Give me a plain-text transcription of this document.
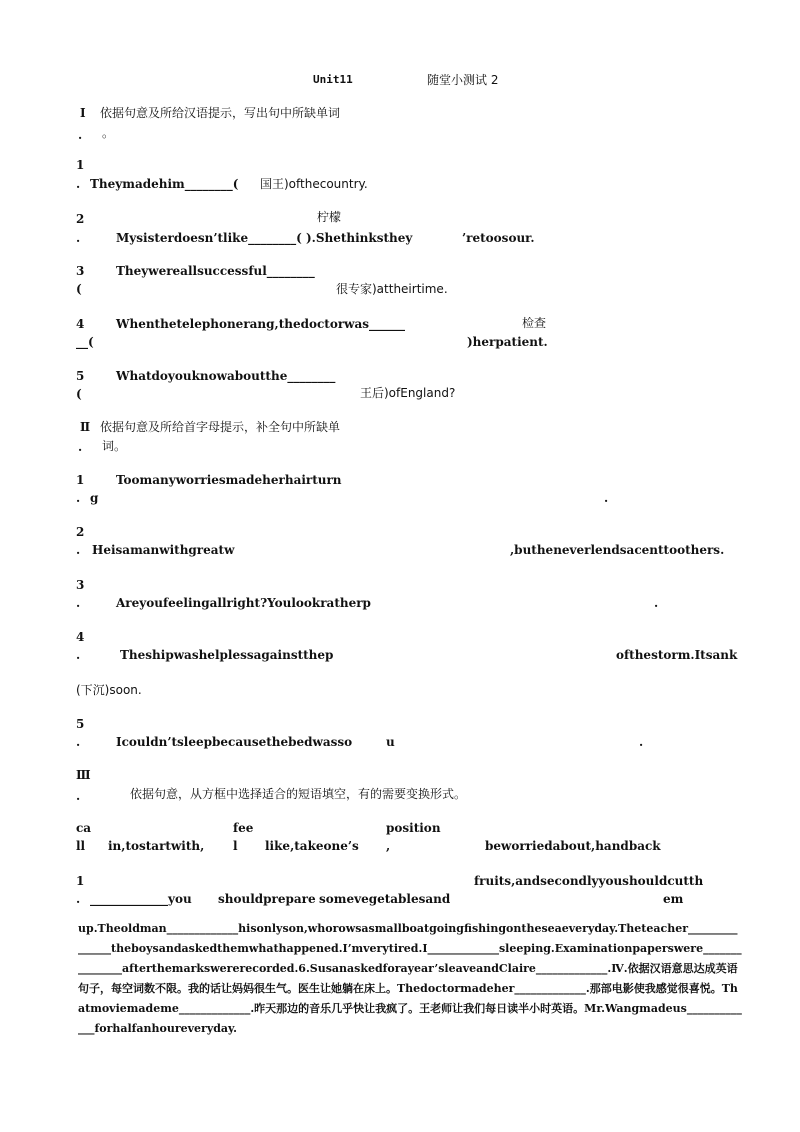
Unit11	随堂小测试 2
Ⅰ 依据句意及所给汉语提示，写出句中所缺单词
. 。
1
. Theymadehim________( 国王)ofthecountry.
2	柠檬
.	Mysisterdoesn’tlike________( ).Shethinksthey	’retoosour.
3	Theywereallsuccessful________
(	很专家)attheirtime.
4	Whenthetelephonerang,thedoctorwas______	检查
__(	)herpatient.
5	Whatdoyouknowaboutthe________
(	王后)ofEngland?
Ⅱ 依据句意及所给首字母提示，补全句中所缺单
. 词。
1	Toomanyworriesmadeherhairturn
. g	.
2
. Heisamanwithgreatw	,butheneverlendsacenttoothers.
3
.	Areyoufeelingallright?Youlookratherp	.
4
.	Theshipwashelplessagainstthep	ofthestorm.Itsank
(下沉)soon.
5
.	Icouldn’tsleepbecausethebedwasso	u	.
Ⅲ
.	依据句意，从方框中选择适合的短语填空，有的需要变换形式。
ca
ll in,tostartwith,
fee
l like,takeone’s
position
,	beworriedabout,handback
1	fruits,andsecondlyyoushouldcutth
. _____________you shouldprepare somevegetablesand	em
up.Theoldman_____________hisonlyson,whorowsasmallboatgoingfishingontheseaeveryday.Theteacher_______________theboysandaskedthemwhathappened.I’mverytired.I_____________sleeping.Examinationpaperswere_______________afterthemarkswererecorded.6.Susanaskedforayear’sleaveandClaire_____________.Ⅳ.依据汉语意思达成英语句子，每空词数不限。我的话让妈妈很生气。医生让她躺在床上。Thedoctormadeher_____________.那部电影使我感觉很喜悦。Thatmoviemademe_____________.昨天那边的音乐几乎快让我疯了。王老师让我们每日读半小时英语。Mr.Wangmadeus_____________forhalfanhoureveryday.
